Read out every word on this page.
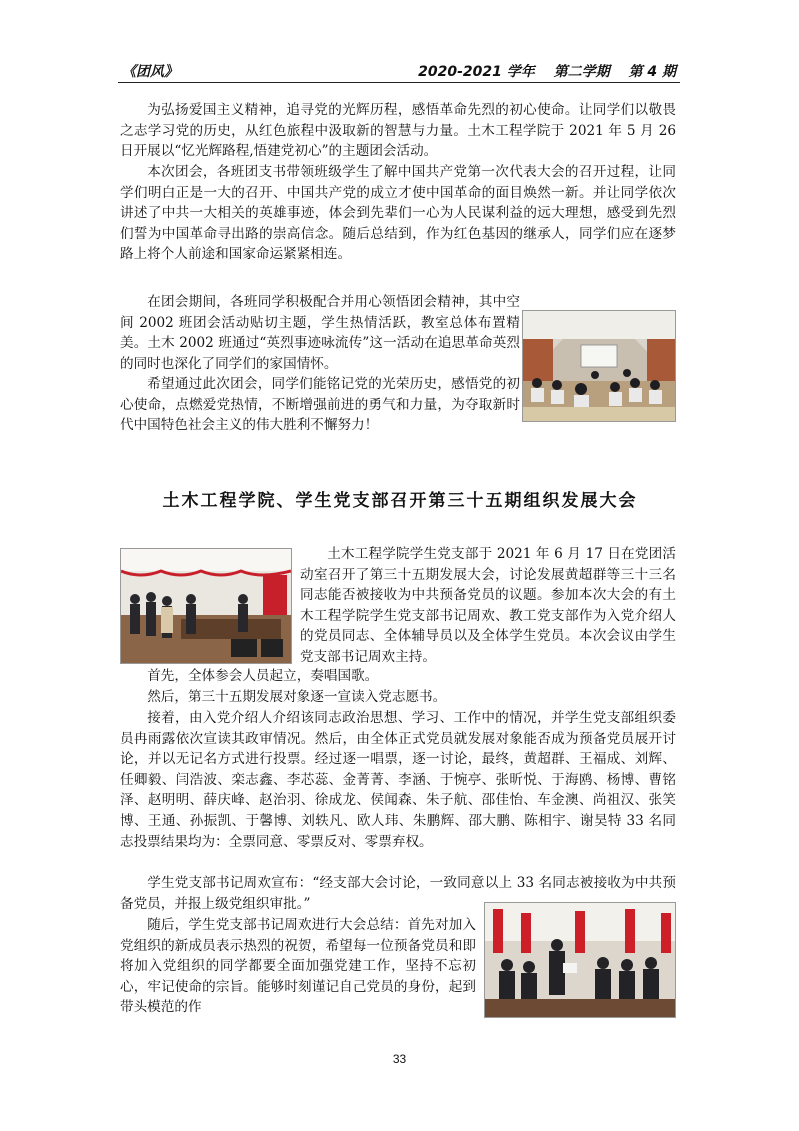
《团风》	2020-2021 学年　 第二学期　 第 4 期

为弘扬爱国主义精神，追寻党的光辉历程，感悟革命先烈的初心使命。让同学们以敬畏之志学习党的历史，从红色旅程中汲取新的智慧与力量。土木工程学院于 2021 年 5 月 26 日开展以“忆光辉路程,悟建党初心”的主题团会活动。

本次团会，各班团支书带领班级学生了解中国共产党第一次代表大会的召开过程，让同学们明白正是一大的召开、中国共产党的成立才使中国革命的面目焕然一新。并让同学依次讲述了中共一大相关的英雄事迹，体会到先辈们一心为人民谋利益的远大理想，感受到先烈们誓为中国革命寻出路的崇高信念。随后总结到，作为红色基因的继承人，同学们应在逐梦路上将个人前途和国家命运紧紧相连。

在团会期间，各班同学积极配合并用心领悟团会精神，其中空间 2002 班团会活动贴切主题，学生热情活跃，教室总体布置精美。土木 2002 班通过“英烈事迹咏流传”这一活动在追思革命英烈的同时也深化了同学们的家国情怀。

希望通过此次团会，同学们能铭记党的光荣历史，感悟党的初心使命，点燃爱党热情，不断增强前进的勇气和力量，为夺取新时代中国特色社会主义的伟大胜利不懈努力！

土木工程学院、学生党支部召开第三十五期组织发展大会

土木工程学院学生党支部于 2021 年 6 月 17 日在党团活动室召开了第三十五期发展大会，讨论发展黄超群等三十三名同志能否被接收为中共预备党员的议题。参加本次大会的有土木工程学院学生党支部书记周欢、教工党支部作为入党介绍人的党员同志、全体辅导员以及全体学生党员。本次会议由学生党支部书记周欢主持。

首先，全体参会人员起立，奏唱国歌。

然后，第三十五期发展对象逐一宣读入党志愿书。

接着，由入党介绍人介绍该同志政治思想、学习、工作中的情况，并学生党支部组织委员冉雨露依次宣读其政审情况。然后，由全体正式党员就发展对象能否成为预备党员展开讨论，并以无记名方式进行投票。经过逐一唱票，逐一讨论，最终，黄超群、王福成、刘辉、任卿毅、闫浩波、栾志鑫、李芯蕊、金菁菁、李涵、于惋亭、张昕悦、于海鸥、杨博、曹铭泽、赵明明、薛庆峰、赵治羽、徐成龙、侯闻森、朱子航、邵佳怡、车金澳、尚祖汉、张笑博、王通、孙振凯、于馨博、刘轶凡、欧人玮、朱鹏辉、邵大鹏、陈相宇、谢昊特 33 名同志投票结果均为：全票同意、零票反对、零票弃权。

学生党支部书记周欢宣布：“经支部大会讨论，一致同意以上 33 名同志被接收为中共预备党员，并报上级党组织审批。”

随后，学生党支部书记周欢进行大会总结：首先对加入党组织的新成员表示热烈的祝贺，希望每一位预备党员和即将加入党组织的同学都要全面加强党建工作，坚持不忘初心，牢记使命的宗旨。能够时刻谨记自己党员的身份，起到带头模范的作

33
